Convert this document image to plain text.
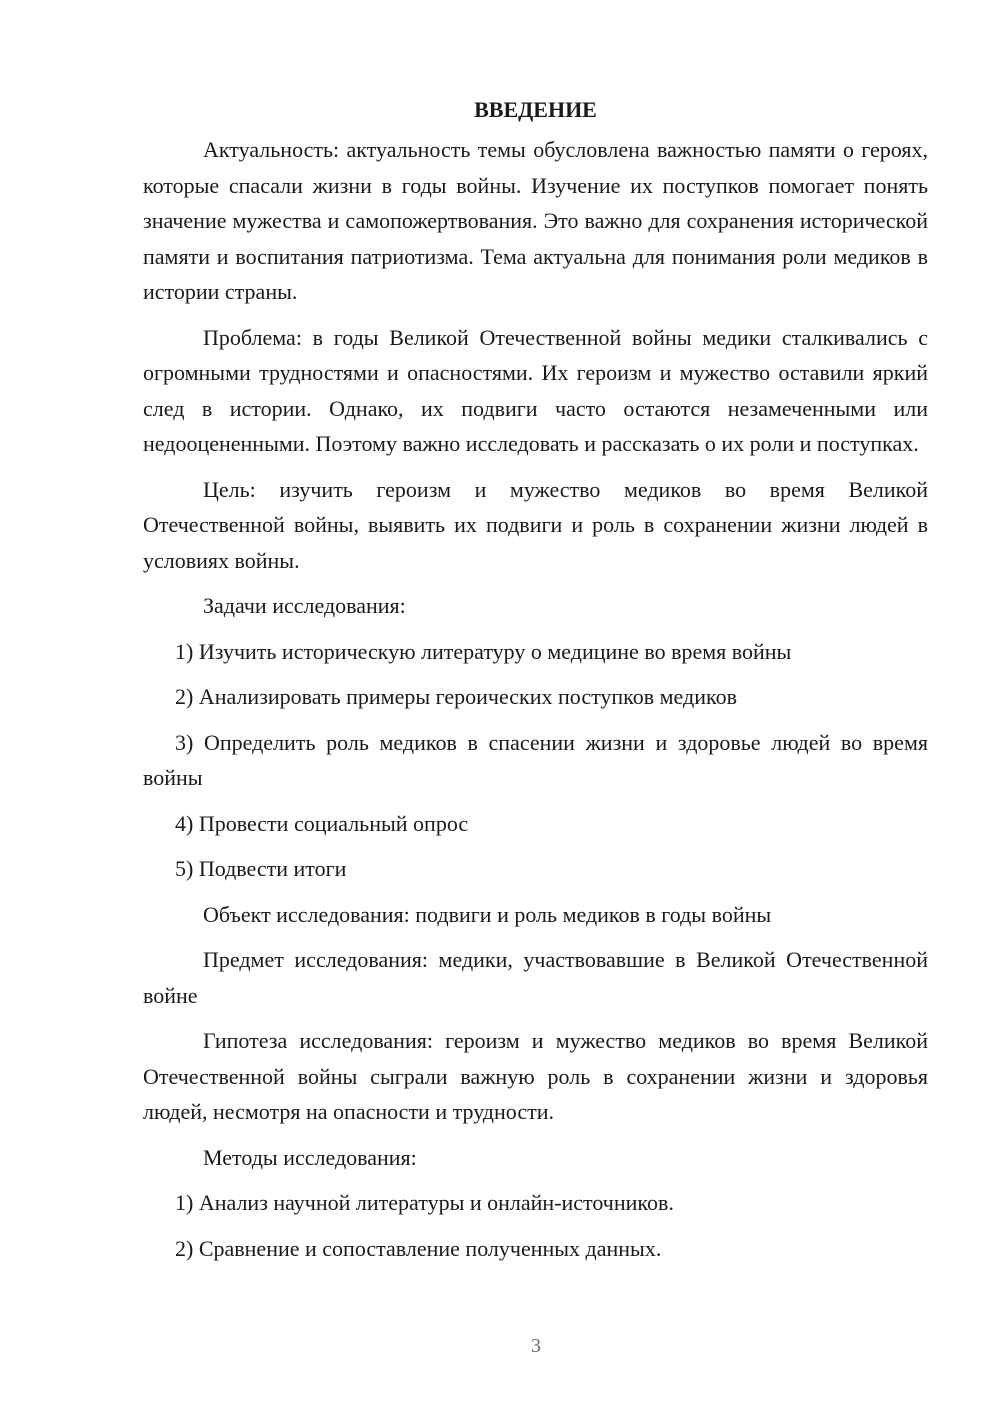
ВВЕДЕНИЕ

Актуальность: актуальность темы обусловлена важностью памяти о героях, которые спасали жизни в годы войны. Изучение их поступков помогает понять значение мужества и самопожертвования. Это важно для сохранения исторической памяти и воспитания патриотизма. Тема актуальна для понимания роли медиков в истории страны.

Проблема: в годы Великой Отечественной войны медики сталкивались с огромными трудностями и опасностями. Их героизм и мужество оставили яркий след в истории. Однако, их подвиги часто остаются незамеченными или недооцененными. Поэтому важно исследовать и рассказать о их роли и поступках.

Цель: изучить героизм и мужество медиков во время Великой Отечественной войны, выявить их подвиги и роль в сохранении жизни людей в условиях войны.

Задачи исследования:

1) Изучить историческую литературу о медицине во время войны

2) Анализировать примеры героических поступков медиков

3) Определить роль медиков в спасении жизни и здоровье людей во время войны

4) Провести социальный опрос

5) Подвести итоги

Объект исследования: подвиги и роль медиков в годы войны

Предмет исследования: медики, участвовавшие в Великой Отечественной войне

Гипотеза исследования: героизм и мужество медиков во время Великой Отечественной войны сыграли важную роль в сохранении жизни и здоровья людей, несмотря на опасности и трудности.

Методы исследования:

1) Анализ научной литературы и онлайн-источников.

2) Сравнение и сопоставление полученных данных.

3
